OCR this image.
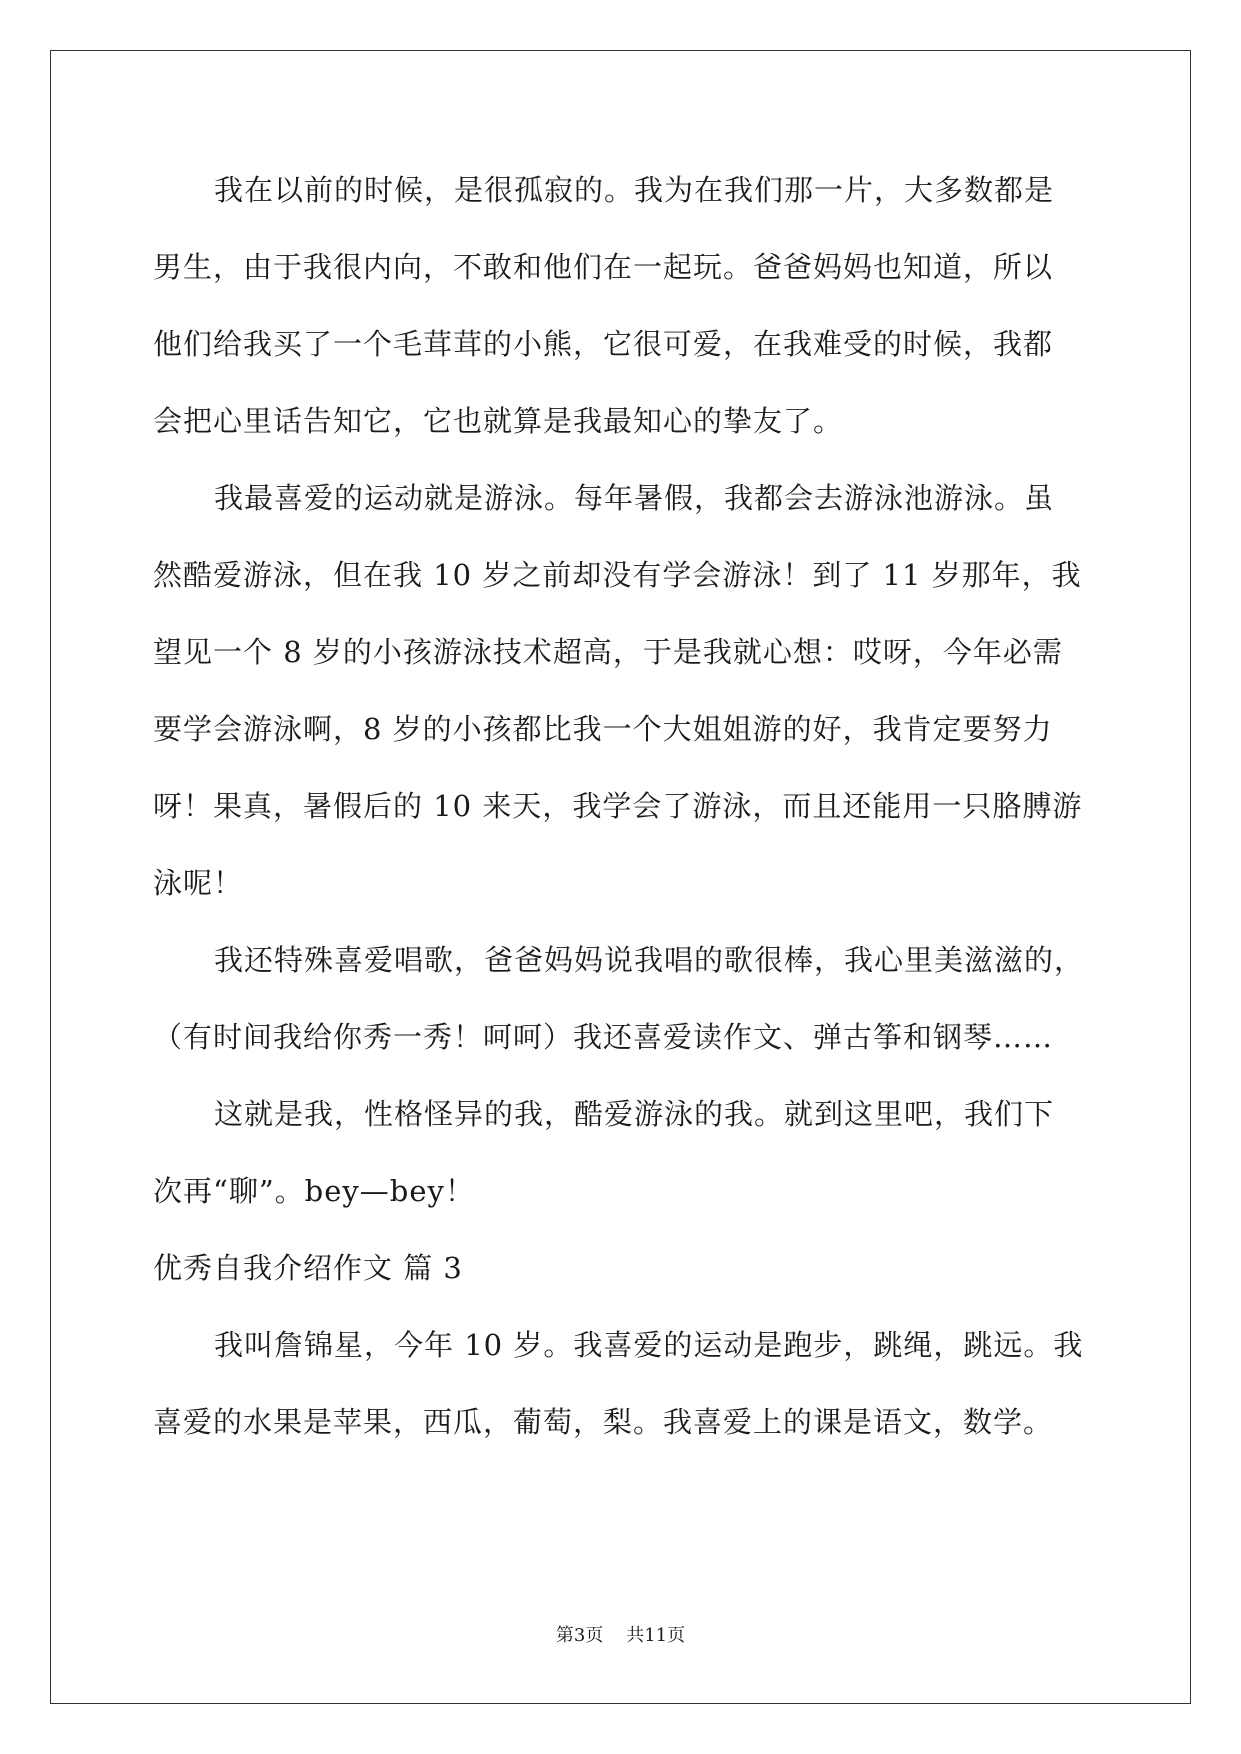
我在以前的时候，是很孤寂的。我为在我们那一片，大多数都是
男生，由于我很内向，不敢和他们在一起玩。爸爸妈妈也知道，所以
他们给我买了一个毛茸茸的小熊，它很可爱，在我难受的时候，我都
会把心里话告知它，它也就算是我最知心的挚友了。
我最喜爱的运动就是游泳。每年暑假，我都会去游泳池游泳。虽
然酷爱游泳，但在我 10 岁之前却没有学会游泳！到了 11 岁那年，我
望见一个 8 岁的小孩游泳技术超高，于是我就心想：哎呀，今年必需
要学会游泳啊，8 岁的小孩都比我一个大姐姐游的好，我肯定要努力
呀！果真，暑假后的 10 来天，我学会了游泳，而且还能用一只胳膊游
泳呢！
我还特殊喜爱唱歌，爸爸妈妈说我唱的歌很棒，我心里美滋滋的，
（有时间我给你秀一秀！呵呵）我还喜爱读作文、弹古筝和钢琴……
这就是我，性格怪异的我，酷爱游泳的我。就到这里吧，我们下
次再“聊”。bey—bey！
优秀自我介绍作文 篇 3
我叫詹锦星，今年 10 岁。我喜爱的运动是跑步，跳绳，跳远。我
喜爱的水果是苹果，西瓜，葡萄，梨。我喜爱上的课是语文，数学。
第3页    共11页
